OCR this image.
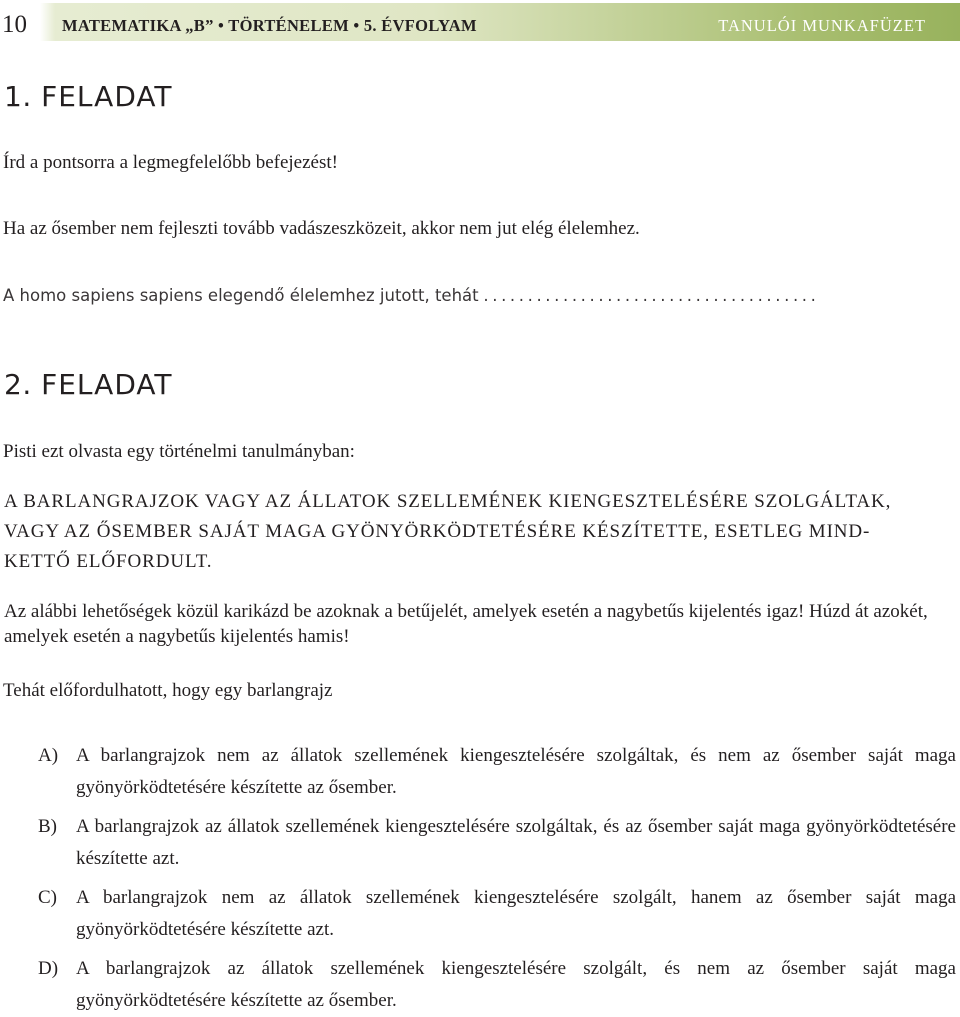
10 MATEMATIKA „B” • TÖRTÉNELEM • 5. ÉVFOLYAM	TANULÓI MUNKAFÜZET
1. FELADAT

Írd a pontsorra a legmegfelelőbb befejezést!

Ha az ősember nem fejleszti tovább vadászeszközeit, akkor nem jut elég élelemhez.

A homo sapiens sapiens elegendő élelemhez jutott, tehát ......................................

2. FELADAT

Pisti ezt olvasta egy történelmi tanulmányban:

A BARLANGRAJZOK VAGY AZ ÁLLATOK SZELLEMÉNEK KIENGESZTELÉSÉRE SZOLGÁLTAK,

VAGY AZ ŐSEMBER SAJÁT MAGA GYÖNYÖRKÖDTETÉSÉRE KÉSZÍTETTE, ESETLEG MIND-

KETTŐ ELŐFORDULT.

Az alábbi lehetőségek közül karikázd be azoknak a betűjelét, amelyek esetén a nagybetűs kijelentés igaz! Húzd át azokét, amelyek esetén a nagybetűs kijelentés hamis!

Tehát előfordulhatott, hogy egy barlangrajz

A) A barlangrajzok nem az állatok szellemének kiengesztelésére szolgáltak, és nem az ősember saját maga gyönyörködtetésére készítette az ősember.
B) A barlangrajzok az állatok szellemének kiengesztelésére szolgáltak, és az ősember saját maga gyönyörködtetésére készítette azt.
C) A barlangrajzok nem az állatok szellemének kiengesztelésére szolgált, hanem az ősember saját maga gyönyörködtetésére készítette azt.
D) A barlangrajzok az állatok szellemének kiengesztelésére szolgált, és nem az ősember saját maga gyönyörködtetésére készítette az ősember.
